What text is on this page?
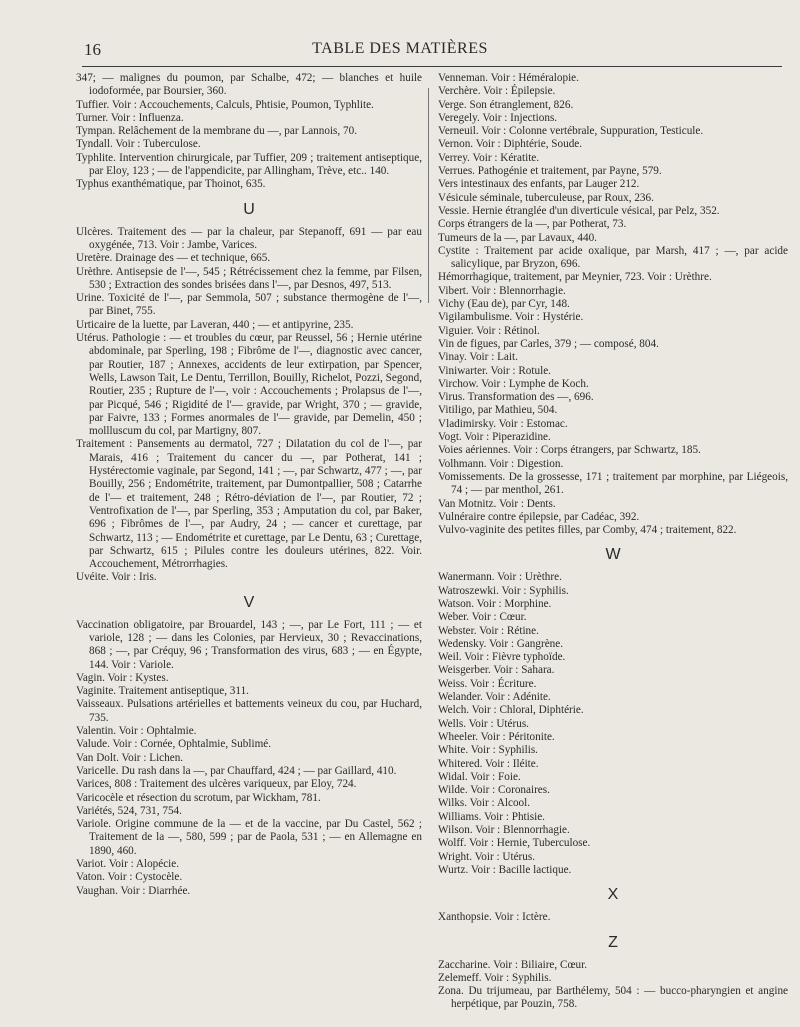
16	TABLE DES MATIÈRES
347; — malignes du poumon, par Schalbe, 472; — blanches et huile iodoformée, par Boursier, 360.
Tuffier. Voir : Accouchements, Calculs, Phtisie, Poumon, Typhlite.
Turner. Voir : Influenza.
Tympan. Relâchement de la membrane du —, par Lannois, 70.
Tyndall. Voir : Tuberculose.
Typhlite. Intervention chirurgicale, par Tuffier, 209 ; traitement antiseptique, par Eloy, 123 ; — de l'appendicite, par Allingham, Trève, etc.. 140.
Typhus exanthématique, par Thoinot, 635.
U
Ulcères. Traitement des — par la chaleur, par Stepanoff, 691 — par eau oxygénée, 713. Voir : Jambe, Varices.
Uretère. Drainage des — et technique, 665.
Urèthre. Antisepsie de l'—, 545 ; Rétrécissement chez la femme, par Filsen, 530 ; Extraction des sondes brisées dans l'—, par Desnos, 497, 513.
Urine. Toxicité de l'—, par Semmola, 507 ; substance thermogène de l'—, par Binet, 755.
Urticaire de la luette, par Laveran, 440 ; — et antipyrine, 235.
Utérus. Pathologie : — et troubles du cœur, par Reussel, 56 ; Hernie utérine abdominale, par Sperling, 198 ; Fibrôme de l'—, diagnostic avec cancer, par Routier, 187 ; Annexes, accidents de leur extirpation, par Spencer, Wells, Lawson Tait, Le Dentu, Terrillon, Bouilly, Richelot, Pozzi, Segond, Routier, 235 ; Rupture de l'—, voir : Accouchements ; Prolapsus de l'—, par Picqué, 546 ; Rigidité de l'— gravide, par Wright, 370 ; — gravide, par Faivre, 133 ; Formes anormales de l'— gravide, par Demelin, 450 ; mollluscum du col, par Martigny, 807.
Traitement : Pansements au dermatol, 727 ; Dilatation du col de l'—, par Marais, 416 ; Traitement du cancer du —, par Potherat, 141 ; Hystérectomie vaginale, par Segond, 141 ; —, par Schwartz, 477 ; —, par Bouilly, 256 ; Endométrite, traitement, par Dumontpallier, 508 ; Catarrhe de l'— et traitement, 248 ; Rétro-déviation de l'—, par Routier, 72 ; Ventrofixation de l'—, par Sperling, 353 ; Amputation du col, par Baker, 696 ; Fibrômes de l'—, par Audry, 24 ; — cancer et curettage, par Schwartz, 113 ; — Endométrite et curettage, par Le Dentu, 63 ; Curettage, par Schwartz, 615 ; Pilules contre les douleurs utérines, 822. Voir. Accouchement, Métrorrhagies.
Uvéite. Voir : Iris.
V
Vaccination obligatoire, par Brouardel, 143 ; —, par Le Fort, 111 ; — et variole, 128 ; — dans les Colonies, par Hervieux, 30 ; Revaccinations, 868 ; —, par Créquy, 96 ; Transformation des virus, 683 ; — en Égypte, 144. Voir : Variole.
Vagin. Voir : Kystes.
Vaginite. Traitement antiseptique, 311.
Vaisseaux. Pulsations artérielles et battements veineux du cou, par Huchard, 735.
Valentin. Voir : Ophtalmie.
Valude. Voir : Cornée, Ophtalmie, Sublimé.
Van Dolt. Voir : Lichen.
Varicelle. Du rash dans la —, par Chauffard, 424 ; — par Gaillard, 410.
Varices, 808 : Traitement des ulcères variqueux, par Eloy, 724.
Varicocèle et résection du scrotum, par Wickham, 781.
Variétés, 524, 731, 754.
Variole. Origine commune de la — et de la vaccine, par Du Castel, 562 ; Traitement de la —, 580, 599 ; par de Paola, 531 ; — en Allemagne en 1890, 460.
Variot. Voir : Alopécie.
Vaton. Voir : Cystocèle.
Vaughan. Voir : Diarrhée.
Venneman. Voir : Héméralopie.
Verchère. Voir : Épilepsie.
Verge. Son étranglement, 826.
Veregely. Voir : Injections.
Verneuil. Voir : Colonne vertébrale, Suppuration, Testicule.
Vernon. Voir : Diphtérie, Soude.
Verrey. Voir : Kératite.
Verrues. Pathogénie et traitement, par Payne, 579.
Vers intestinaux des enfants, par Lauger 212.
Vésicule séminale, tuberculeuse, par Roux, 236.
Vessie. Hernie étranglée d'un diverticule vésical, par Pelz, 352.
Corps étrangers de la —, par Potherat, 73.
Tumeurs de la —, par Lavaux, 440.
Cystite : Traitement par acide oxalique, par Marsh, 417 ; —, par acide salicylique, par Bryzon, 696.
Hémorrhagique, traitement, par Meynier, 723. Voir : Urèthre.
Vibert. Voir : Blennorrhagie.
Vichy (Eau de), par Cyr, 148.
Vigilambulisme. Voir : Hystérie.
Viguier. Voir : Rétinol.
Vin de figues, par Carles, 379 ; — composé, 804.
Vinay. Voir : Lait.
Viniwarter. Voir : Rotule.
Virchow. Voir : Lymphe de Koch.
Virus. Transformation des —, 696.
Vitiligo, par Mathieu, 504.
Vladimirsky. Voir : Estomac.
Vogt. Voir : Piperazidine.
Voies aériennes. Voir : Corps étrangers, par Schwartz, 185.
Volhmann. Voir : Digestion.
Vomissements. De la grossesse, 171 ; traitement par morphine, par Liégeois, 74 ; — par menthol, 261.
Van Motnitz. Voir : Dents.
Vulnéraire contre épilepsie, par Cadéac, 392.
Vulvo-vaginite des petites filles, par Comby, 474 ; traitement, 822.
W
Wanermann. Voir : Urèthre.
Watroszewki. Voir : Syphilis.
Watson. Voir : Morphine.
Weber. Voir : Cœur.
Webster. Voir : Rétine.
Wedensky. Voir : Gangrène.
Weil. Voir : Fièvre typhoïde.
Weisgerber. Voir : Sahara.
Weiss. Voir : Écriture.
Welander. Voir : Adénite.
Welch. Voir : Chloral, Diphtérie.
Wells. Voir : Utérus.
Wheeler. Voir : Péritonite.
White. Voir : Syphilis.
Whitered. Voir : Iléite.
Widal. Voir : Foie.
Wilde. Voir : Coronaires.
Wilks. Voir : Alcool.
Williams. Voir : Phtisie.
Wilson. Voir : Blennorrhagie.
Wolff. Voir : Hernie, Tuberculose.
Wright. Voir : Utérus.
Wurtz. Voir : Bacille lactique.
X
Xanthopsie. Voir : Ictère.
Z
Zaccharine. Voir : Biliaire, Cœur.
Zelemeff. Voir : Syphilis.
Zona. Du trijumeau, par Barthélemy, 504 : — bucco-pharyngien et angine herpétique, par Pouzin, 758.
